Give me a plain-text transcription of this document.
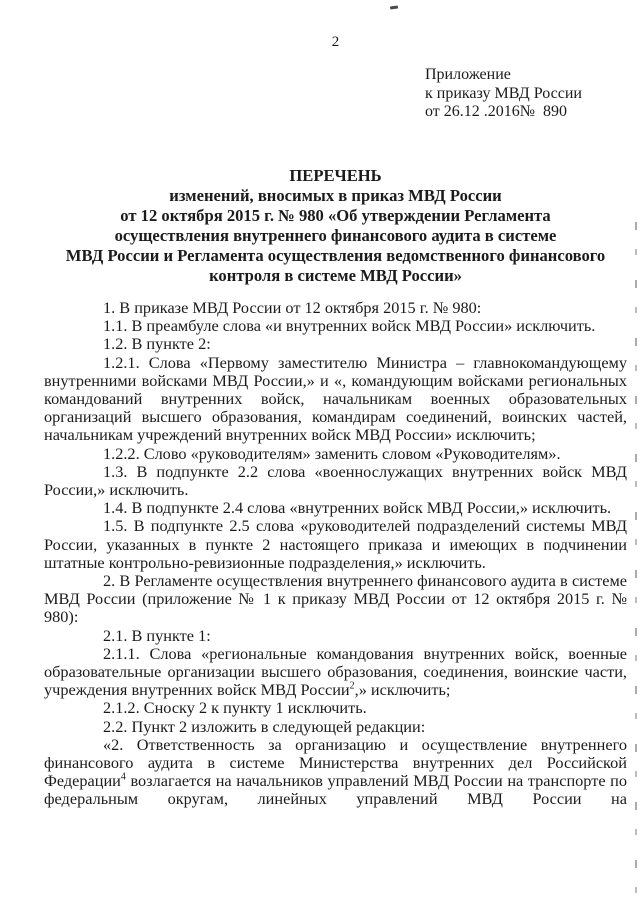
2
Приложение
к приказу МВД России
от 26.12 .2016№  890
ПЕРЕЧЕНЬ
изменений, вносимых в приказ МВД России
от 12 октября 2015 г. № 980 «Об утверждении Регламента
осуществления внутреннего финансового аудита в системе
МВД России и Регламента осуществления ведомственного финансового
контроля в системе МВД России»

1. В приказе МВД России от 12 октября 2015 г. № 980:

1.1. В преамбуле слова «и внутренних войск МВД России» исключить.

1.2. В пункте 2:

1.2.1. Слова «Первому заместителю Министра – главнокомандующему внутренними войсками МВД России,» и «, командующим войсками региональных командований внутренних войск, начальникам военных образовательных организаций высшего образования, командирам соединений, воинских частей, начальникам учреждений внутренних войск МВД России» исключить;

1.2.2. Слово «руководителям» заменить словом «Руководителям».

1.3. В подпункте 2.2 слова «военнослужащих внутренних войск МВД России,» исключить.

1.4. В подпункте 2.4 слова «внутренних войск МВД России,» исключить.

1.5. В подпункте 2.5 слова «руководителей подразделений системы МВД России, указанных в пункте 2 настоящего приказа и имеющих в подчинении штатные контрольно-ревизионные подразделения,» исключить.

2. В Регламенте осуществления внутреннего финансового аудита в системе МВД России (приложение № 1 к приказу МВД России от 12 октября 2015 г. № 980):

2.1. В пункте 1:

2.1.1. Слова «региональные командования внутренних войск, военные образовательные организации высшего образования, соединения, воинские части, учреждения внутренних войск МВД России$^2$,» исключить;

2.1.2. Сноску 2 к пункту 1 исключить.

2.2. Пункт 2 изложить в следующей редакции:

«2. Ответственность за организацию и осуществление внутреннего финансового аудита в системе Министерства внутренних дел Российской Федерации$^4$ возлагается на начальников управлений МВД России на транспорте по федеральным округам, линейных управлений МВД России на
